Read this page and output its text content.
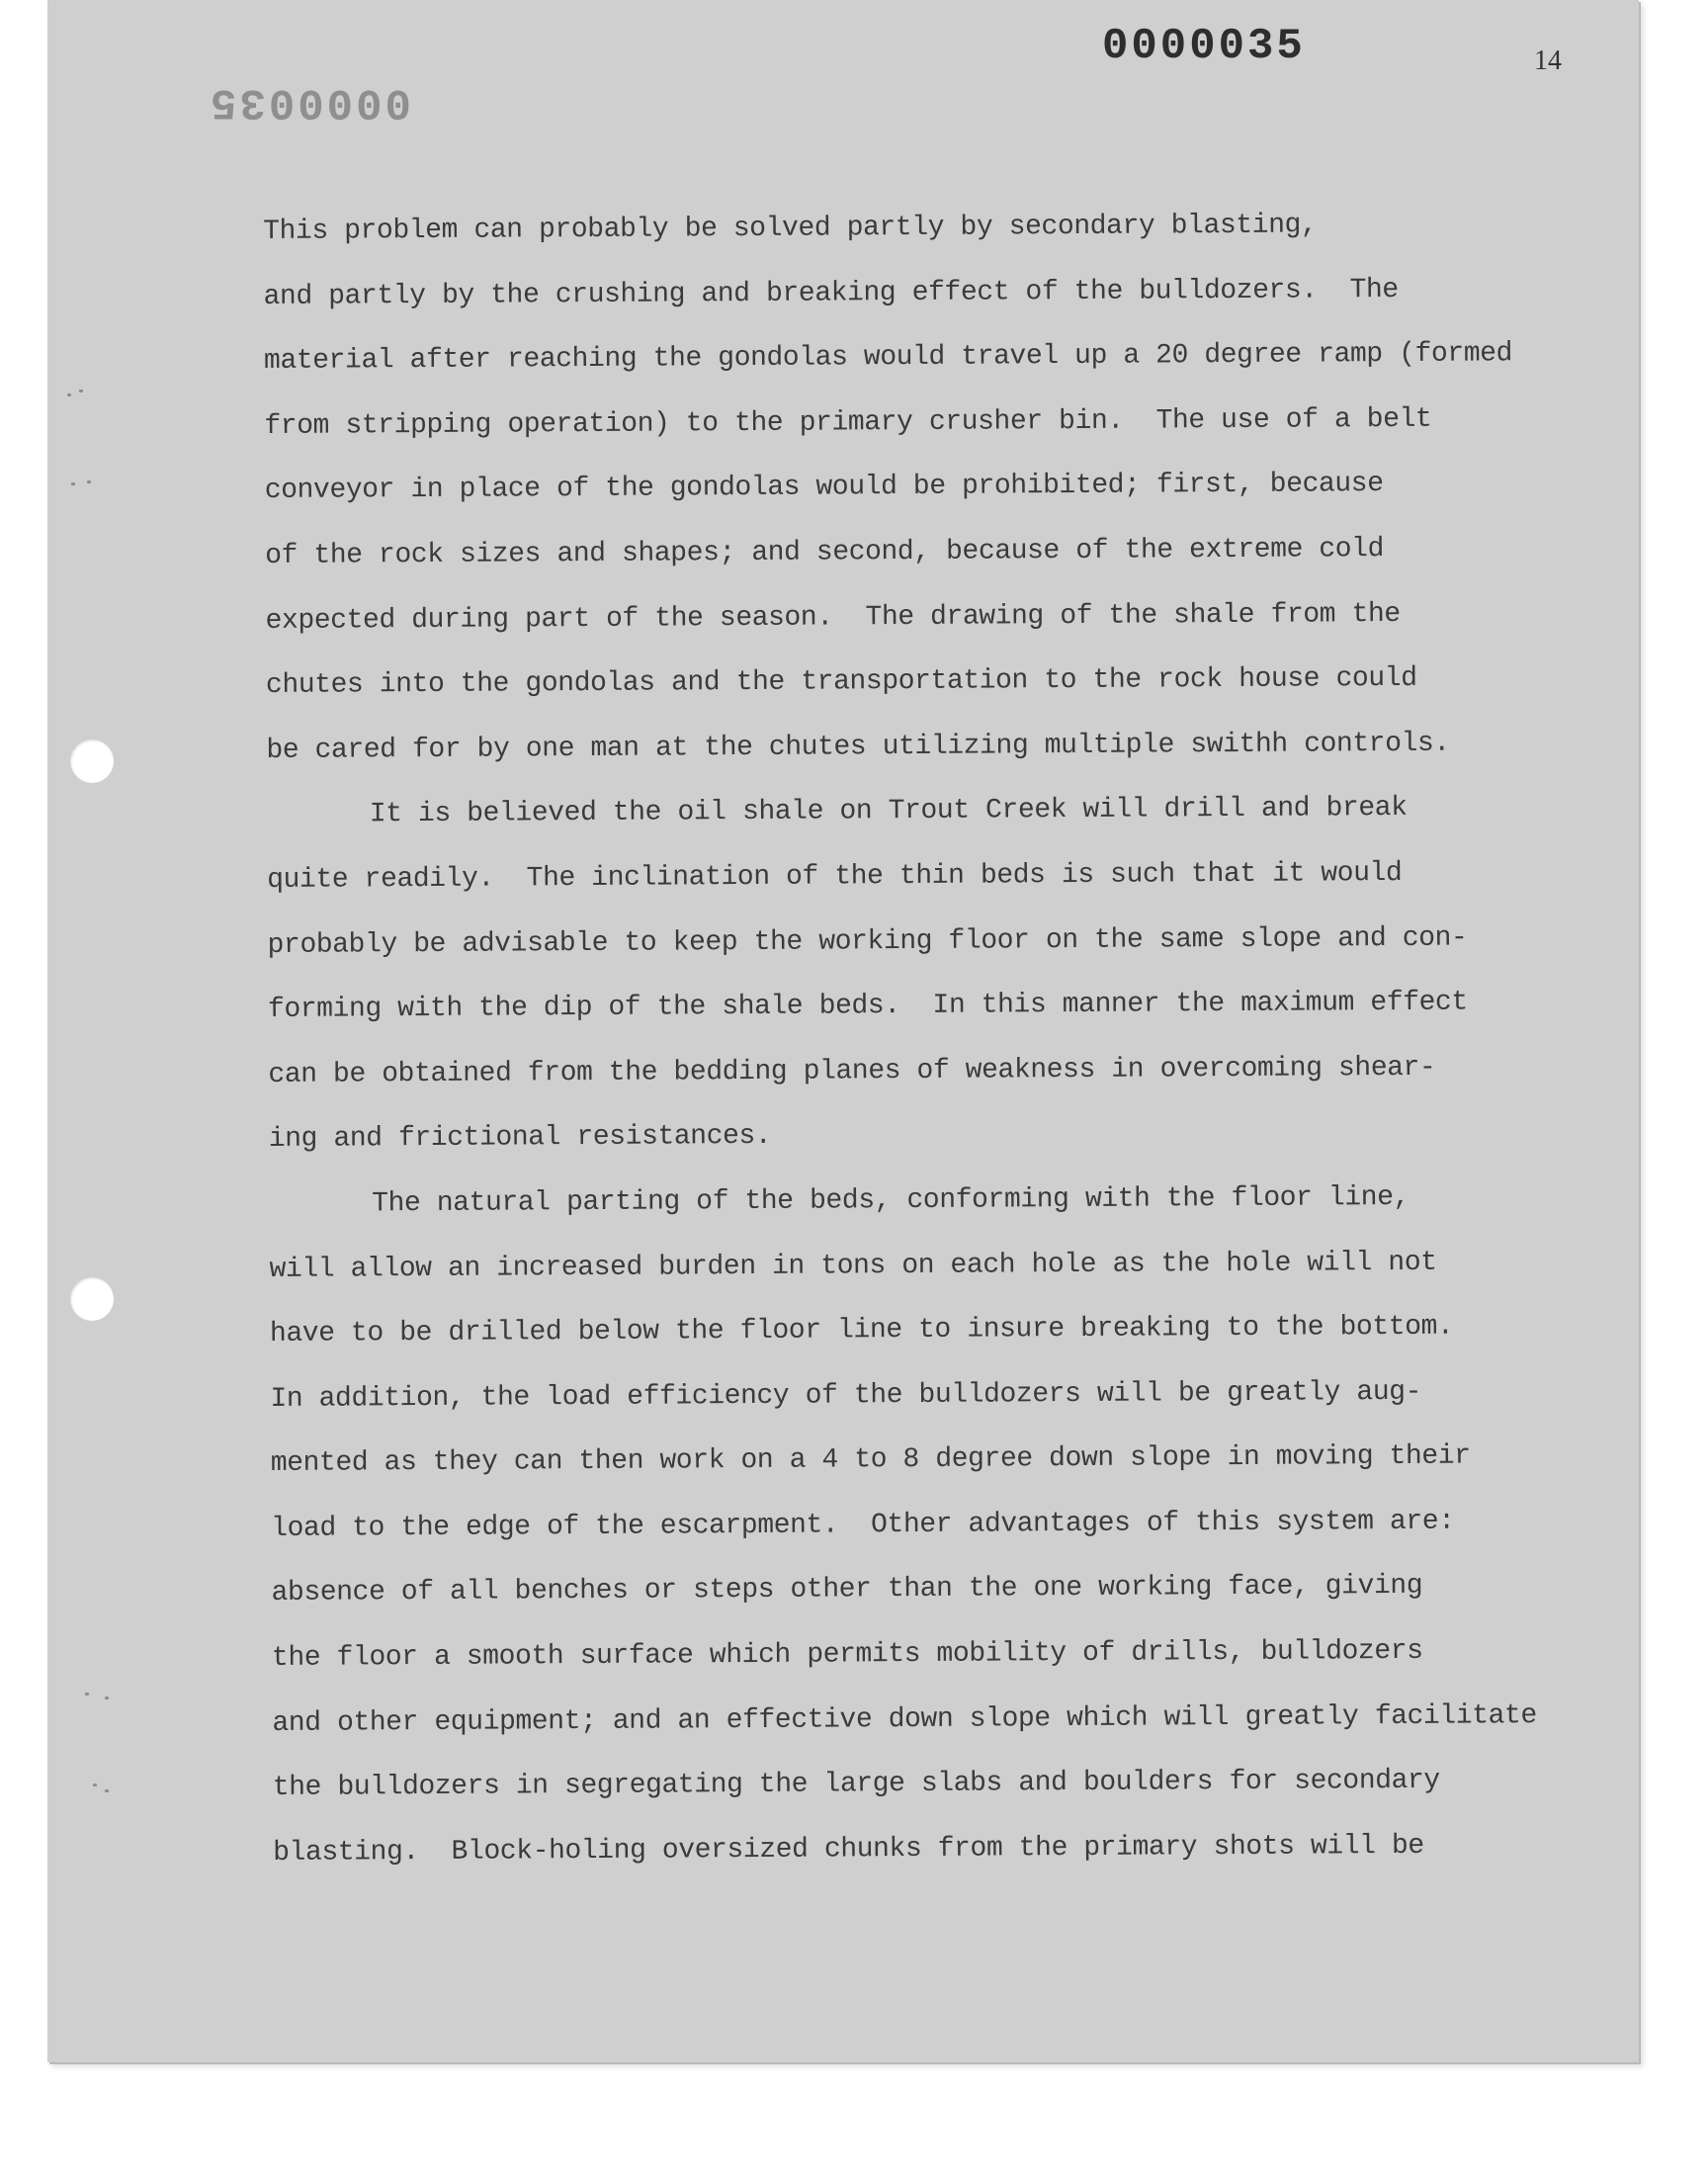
0000035
0000035
14
This problem can probably be solved partly by secondary blasting,
and partly by the crushing and breaking effect of the bulldozers.  The
material after reaching the gondolas would travel up a 20 degree ramp (formed
from stripping operation) to the primary crusher bin.  The use of a belt
conveyor in place of the gondolas would be prohibited; first, because
of the rock sizes and shapes; and second, because of the extreme cold
expected during part of the season.  The drawing of the shale from the
chutes into the gondolas and the transportation to the rock house could
be cared for by one man at the chutes utilizing multiple swithh controls.
It is believed the oil shale on Trout Creek will drill and break
quite readily.  The inclination of the thin beds is such that it would
probably be advisable to keep the working floor on the same slope and con-
forming with the dip of the shale beds.  In this manner the maximum effect
can be obtained from the bedding planes of weakness in overcoming shear-
ing and frictional resistances.
The natural parting of the beds, conforming with the floor line,
will allow an increased burden in tons on each hole as the hole will not
have to be drilled below the floor line to insure breaking to the bottom.
In addition, the load efficiency of the bulldozers will be greatly aug-
mented as they can then work on a 4 to 8 degree down slope in moving their
load to the edge of the escarpment.  Other advantages of this system are:
absence of all benches or steps other than the one working face, giving
the floor a smooth surface which permits mobility of drills, bulldozers
and other equipment; and an effective down slope which will greatly facilitate
the bulldozers in segregating the large slabs and boulders for secondary
blasting.  Block-holing oversized chunks from the primary shots will be
